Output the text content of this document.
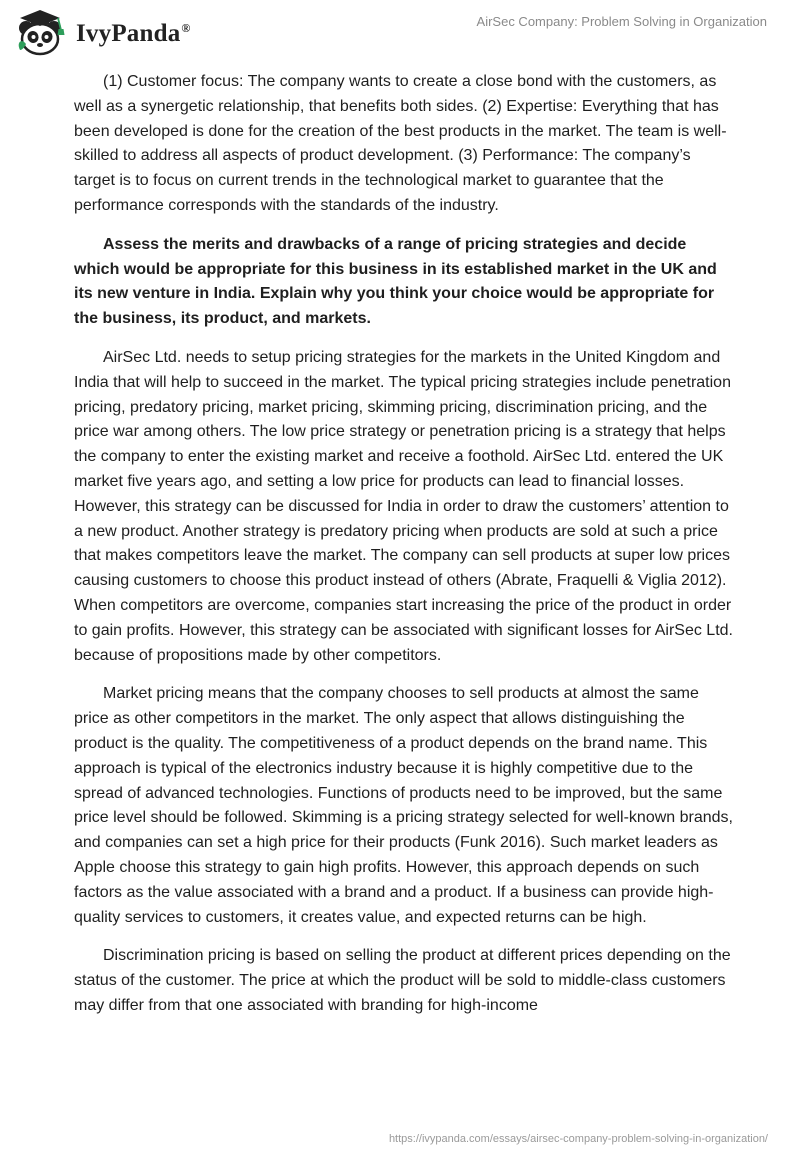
IvyPanda®	AirSec Company: Problem Solving in Organization

(1) Customer focus: The company wants to create a close bond with the customers, as well as a synergetic relationship, that benefits both sides. (2) Expertise: Everything that has been developed is done for the creation of the best products in the market. The team is well-skilled to address all aspects of product development. (3) Performance: The company’s target is to focus on current trends in the technological market to guarantee that the performance corresponds with the standards of the industry.

Assess the merits and drawbacks of a range of pricing strategies and decide which would be appropriate for this business in its established market in the UK and its new venture in India. Explain why you think your choice would be appropriate for the business, its product, and markets.

AirSec Ltd. needs to setup pricing strategies for the markets in the United Kingdom and India that will help to succeed in the market. The typical pricing strategies include penetration pricing, predatory pricing, market pricing, skimming pricing, discrimination pricing, and the price war among others. The low price strategy or penetration pricing is a strategy that helps the company to enter the existing market and receive a foothold. AirSec Ltd. entered the UK market five years ago, and setting a low price for products can lead to financial losses. However, this strategy can be discussed for India in order to draw the customers’ attention to a new product. Another strategy is predatory pricing when products are sold at such a price that makes competitors leave the market. The company can sell products at super low prices causing customers to choose this product instead of others (Abrate, Fraquelli & Viglia 2012). When competitors are overcome, companies start increasing the price of the product in order to gain profits. However, this strategy can be associated with significant losses for AirSec Ltd. because of propositions made by other competitors.

Market pricing means that the company chooses to sell products at almost the same price as other competitors in the market. The only aspect that allows distinguishing the product is the quality. The competitiveness of a product depends on the brand name. This approach is typical of the electronics industry because it is highly competitive due to the spread of advanced technologies. Functions of products need to be improved, but the same price level should be followed. Skimming is a pricing strategy selected for well-known brands, and companies can set a high price for their products (Funk 2016). Such market leaders as Apple choose this strategy to gain high profits. However, this approach depends on such factors as the value associated with a brand and a product. If a business can provide high-quality services to customers, it creates value, and expected returns can be high.

Discrimination pricing is based on selling the product at different prices depending on the status of the customer. The price at which the product will be sold to middle-class customers may differ from that one associated with branding for high-income

https://ivypanda.com/essays/airsec-company-problem-solving-in-organization/
